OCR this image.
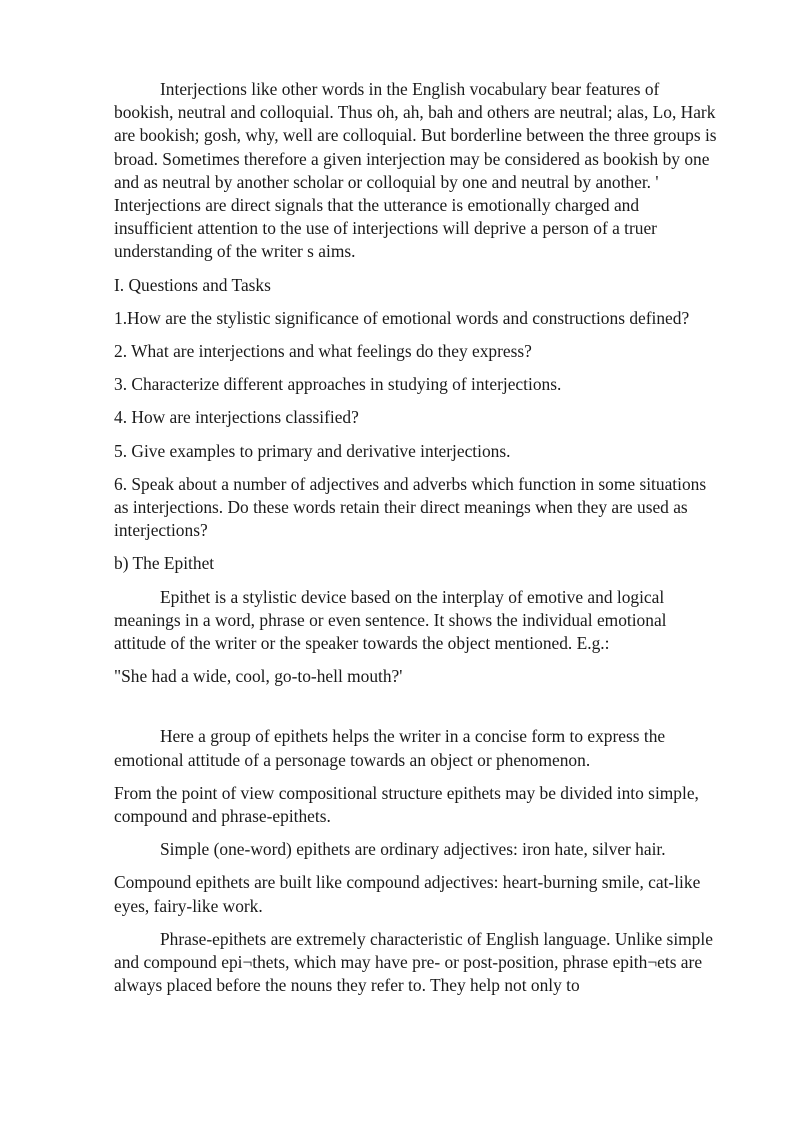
Interjections like other words in the English vocabulary bear features of bookish, neutral and colloquial. Thus oh, ah, bah and others are neutral; alas, Lo, Hark are bookish; gosh, why, well are colloquial. But borderline between the three groups is broad. Sometimes therefore a given interjection may be considered as bookish by one and as neutral by another scholar or colloquial by one and neutral by another. ' Interjections are direct signals that the utterance is emotionally charged and insufficient attention to the use of interjections will deprive a person of a truer understanding of the writer s aims.

I. Questions and Tasks

1.How are the stylistic significance of emotional words and constructions defined?

2. What are interjections and what feelings do they express?

3. Characterize different approaches in studying of interjections.

4. How are interjections classified?

5. Give examples to primary and derivative interjections.

6. Speak about a number of adjectives and adverbs which function in some situations as interjections. Do these words retain their direct meanings when they are used as interjections?

b) The Epithet

Epithet is a stylistic device based on the interplay of emotive and logical meanings in a word, phrase or even sentence. It shows the individual emotional attitude of the writer or the speaker towards the object mentioned. E.g.:

"She had a wide, cool, go-to-hell mouth?'

Here a group of epithets helps the writer in a concise form to express the emotional attitude of a personage towards an object or phenomenon.

From the point of view compositional structure epithets may be divided into simple, compound and phrase-epithets.

Simple (one-word) epithets are ordinary adjectives: iron hate, silver hair.

Compound epithets are built like compound adjectives: heart-burning smile, cat-like eyes, fairy-like work.

Phrase-epithets are extremely characteristic of English language. Unlike simple and compound epi¬thets, which may have pre- or post-position, phrase epith¬ets are always placed before the nouns they refer to. They help not only to
